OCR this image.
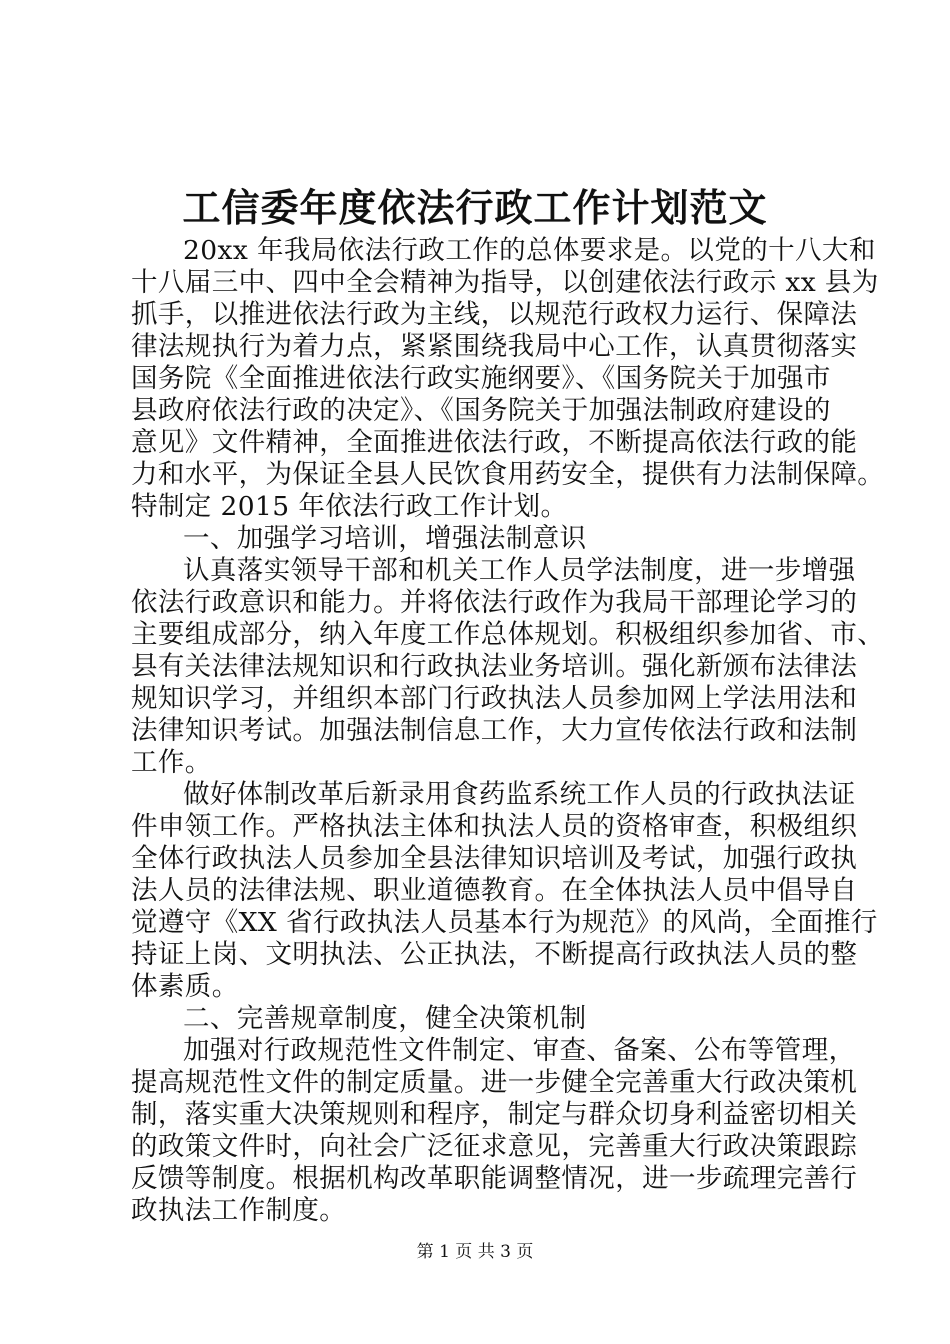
工信委年度依法行政工作计划范文
20xx 年我局依法行政工作的总体要求是。以党的十八大和
十八届三中、四中全会精神为指导，以创建依法行政示 xx 县为
抓手，以推进依法行政为主线，以规范行政权力运行、保障法
律法规执行为着力点，紧紧围绕我局中心工作，认真贯彻落实
国务院《全面推进依法行政实施纲要》、《国务院关于加强市
县政府依法行政的决定》、《国务院关于加强法制政府建设的
意见》文件精神，全面推进依法行政，不断提高依法行政的能
力和水平，为保证全县人民饮食用药安全，提供有力法制保障。
特制定 2015 年依法行政工作计划。
一、加强学习培训，增强法制意识
认真落实领导干部和机关工作人员学法制度，进一步增强
依法行政意识和能力。并将依法行政作为我局干部理论学习的
主要组成部分，纳入年度工作总体规划。积极组织参加省、市、
县有关法律法规知识和行政执法业务培训。强化新颁布法律法
规知识学习，并组织本部门行政执法人员参加网上学法用法和
法律知识考试。加强法制信息工作，大力宣传依法行政和法制
工作。
做好体制改革后新录用食药监系统工作人员的行政执法证
件申领工作。严格执法主体和执法人员的资格审查，积极组织
全体行政执法人员参加全县法律知识培训及考试，加强行政执
法人员的法律法规、职业道德教育。在全体执法人员中倡导自
觉遵守《XX 省行政执法人员基本行为规范》的风尚，全面推行
持证上岗、文明执法、公正执法，不断提高行政执法人员的整
体素质。
二、完善规章制度，健全决策机制
加强对行政规范性文件制定、审查、备案、公布等管理，
提高规范性文件的制定质量。进一步健全完善重大行政决策机
制，落实重大决策规则和程序，制定与群众切身利益密切相关
的政策文件时，向社会广泛征求意见，完善重大行政决策跟踪
反馈等制度。根据机构改革职能调整情况，进一步疏理完善行
政执法工作制度。
第 1 页 共 3 页
